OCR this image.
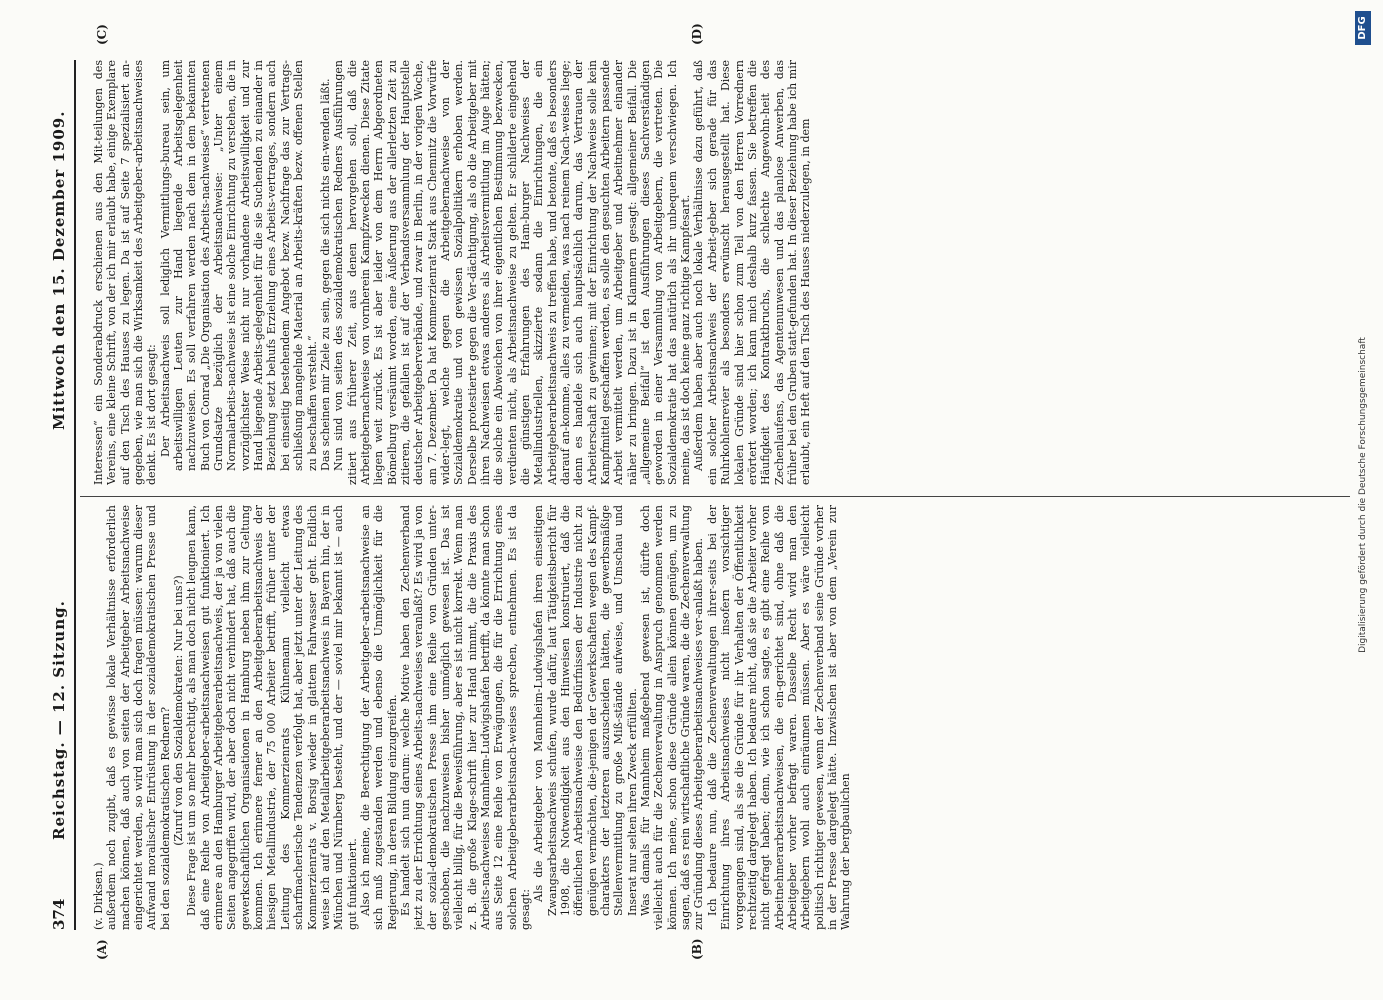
374
Reichstag. — 12. Sitzung.
Mittwoch den 15. Dezember 1909.
(A)	(B)
(C)	(D)

(v. Dirksen.) außerdem noch zugibt, daß es gewisse lokale Verhältnisse erforderlich machen können, daß auch von seiten der Arbeitgeber Arbeitsnachweise eingerichtet werden, so wird man sich doch fragen müssen: warum dieser Aufwand moralischer Entrüstung in der sozialdemokratischen Presse und bei den sozialdemokratischen Rednern? (Zuruf von den Sozialdemokraten: Nur bei uns?) Diese Frage ist um so mehr berechtigt, als man doch nicht leugnen kann, daß eine Reihe von Arbeitgeber-arbeitsnachweisen gut funktioniert. Ich erinnere an den Hamburger Arbeitgeberarbeitsnachweis, der ja von vielen Seiten angegriffen wird, der aber doch nicht verhindert hat, daß auch die gewerkschaftlichen Organisationen in Hamburg neben ihm zur Geltung kommen. Ich erinnere ferner an den Arbeitgeberarbeitsnachweis der hiesigen Metallindustrie, der 75 000 Arbeiter betrifft, früher unter der Leitung des Kommerzienrats Kühnemann vielleicht etwas scharfmacherische Tendenzen verfolgt hat, aber jetzt unter der Leitung des Kommerzienrats v. Borsig wieder in glattem Fahrwasser geht. Endlich weise ich auf den Metallarbeitgeberarbeitsnachweis in Bayern hin, der in München und Nürnberg besteht, und der — soviel mir bekannt ist — auch gut funktioniert. Also ich meine, die Berechtigung der Arbeitgeber-arbeitsnachweise an sich muß zugestanden werden und ebenso die Unmöglichkeit für die Regierung, in deren Bildung einzugreifen. Es handelt sich nun darum: welche Motive haben den Zechenverband jetzt zu der Errichtung seines Arbeits-nachweises veranlaßt? Es wird ja von der sozial-demokratischen Presse ihm eine Reihe von Gründen unter-geschoben, die nachzuweisen bisher unmöglich gewesen ist. Das ist vielleicht billig, für die Beweisführung, aber es ist nicht korrekt. Wenn man z. B. die große Klage-schrift hier zur Hand nimmt, die die Praxis des Arbeits-nachweises Mannheim-Ludwigshafen betrifft, da könnte man schon aus Seite 12 eine Reihe von Erwägungen, die für die Errichtung eines solchen Arbeitgeberarbeitsnach-weises sprechen, entnehmen. Es ist da gesagt:

Als die Arbeitgeber von Mannheim-Ludwigshafen ihren einseitigen Zwangsarbeitsnachweis schufen, wurde dafür, laut Tätigkeitsbericht für 1908, die Notwendigkeit aus den Hinweisen konstruiert, daß die öffentlichen Arbeitsnachweise den Bedürfnissen der Industrie nicht zu genügen vermöchten, die-jenigen der Gewerkschaften wegen des Kampf-charakters der letzteren auszuscheiden hätten, die gewerbsmäßige Stellenvermittlung zu große Miß-stände aufweise, und Umschau und Inserat nur selten ihren Zweck erfüllten. Was damals für Mannheim maßgebend gewesen ist, dürfte doch vielleicht auch für die Zechenverwaltung in Anspruch genommen werden können. Ich meine, schon diese Gründe allein können genügen, um zu sagen, daß es rein wirtschaftliche Gründe waren, die die Zechenverwaltung zur Gründung dieses Arbeitgeberarbeitsnachweises ver-anlaßt haben. Ich bedaure nun, daß die Zechenverwaltungen ihrer-seits bei der Einrichtung ihres Arbeitsnachweises nicht insofern vorsichtiger vorgegangen sind, als sie die Gründe für ihr Verhalten der Öffentlichkeit rechtzeitig dargelegt haben. Ich bedaure nicht, daß sie die Arbeiter vorher nicht gefragt haben; denn, wie ich schon sagte, es gibt eine Reihe von Arbeitnehmerarbeitsnachweisen, die ein-gerichtet sind, ohne daß die Arbeitgeber vorher befragt waren. Dasselbe Recht wird man den Arbeitgebern wohl auch einräumen müssen. Aber es wäre vielleicht politisch richtiger gewesen, wenn der Zechenverband seine Gründe vorher in der Presse dargelegt hätte. Inzwischen ist aber von dem „Verein zur Wahrung der bergbaulichen

Interessen“ ein Sonderabdruck erschienen aus den Mit-teilungen des Vereins, eine kleine Schrift, von der ich mir erlaubt habe, einige Exemplare auf den Tisch des Hauses zu legen. Da ist auf Seite 7 spezialisiert an-gegeben, wie man sich die Wirksamkeit des Arbeitgeber-arbeitsnachweises denkt. Es ist dort gesagt: Der Arbeitsnachweis soll lediglich Vermittlungs-bureau sein, um arbeitswilligen Leuten zur Hand liegende Arbeitsgelegenheit nachzuweisen. Es soll verfahren werden nach dem in dem bekannten Buch von Conrad „Die Organisation des Arbeits-nachweises“ vertretenen Grundsatze bezüglich der Arbeitsnachweise: „Unter einem Normalarbeits-nachweise ist eine solche Einrichtung zu verstehen, die in vorzüglichster Weise nicht nur vorhandene Arbeitswilligkeit und zur Hand liegende Arbeits-gelegenheit für die sie Suchenden zu einander in Beziehung setzt behufs Erzielung eines Arbeits-vertrages, sondern auch bei einseitig bestehendem Angebot bezw. Nachfrage das zur Vertrags-schließung mangelnde Material an Arbeits-kräften bezw. offenen Stellen zu beschaffen versteht.“ Das scheinen mir Ziele zu sein, gegen die sich nichts ein-wenden läßt. Nun sind von seiten des sozialdemokratischen Redners Ausführungen zitiert aus früherer Zeit, aus denen hervorgehen soll, daß die Arbeitgebernachweise von vornherein Kampfzwecken dienen. Diese Zitate liegen weit zurück. Es ist aber leider von dem Herrn Abgeordneten Bömelburg versäumt worden, eine Äußerung aus der allerletzten Zeit zu zitieren, die gefallen ist auf der Verbandsversammlung der Hauptstelle deutscher Arbeitgeberverbände, und zwar in Berlin, in der vorigen Woche, am 7. Dezember. Da hat Kommerzienrat Stark aus Chemnitz die Vorwürfe wider-legt, welche gegen die Arbeitgebernachweise von der Sozialdemokratie und von gewissen Sozialpolitikern erhoben werden. Derselbe protestierte gegen die Ver-dächtigung, als ob die Arbeitgeber mit ihren Nachweisen etwas anderes als Arbeitsvermittlung im Auge hätten; die solche ein Abweichen von ihrer eigentlichen Bestimmung bezwecken, verdienten nicht, als Arbeitsnachweise zu gelten. Er schilderte eingehend die günstigen Erfahrungen des Ham-burger Nachweises der Metallindustriellen, skizzierte sodann die Einrichtungen, die ein Arbeitgeberarbeitsnachweis zu treffen habe, und betonte, daß es besonders darauf an-komme, alles zu vermeiden, was nach reinem Nach-weises liege; denn es handele sich auch hauptsächlich darum, das Vertrauen der Arbeiterschaft zu gewinnen; mit der Einrichtung der Nachweise solle kein Kampfmittel geschaffen werden, es solle den gesuchten Arbeitern passende Arbeit vermittelt werden, um Arbeitgeber und Arbeitnehmer einander näher zu bringen. Dazu ist in Klammern gesagt: allgemeiner Beifall. Die „allgemeine Beifall“ ist den Ausführungen dieses Sachverständigen geworden in einer Versammlung von Arbeitgebern, die vertreten. Die Sozialdemokratie hat das natürlich als ihr unbequem verschwiegen. Ich meine, das ist doch keine ganz richtige Kampfesart. Außerdem haben aber auch noch lokale Verhältnisse dazu geführt, daß ein solcher Arbeitsnachweis der Arbeit-geber sich gerade für das Ruhrkohlenrevier als besonders erwünscht herausgestellt hat. Diese lokalen Gründe sind hier schon zum Teil von den Herren Vorrednern erörtert worden; ich kann mich deshalb kurz fassen. Sie betreffen die Häufigkeit des Kontraktbruchs, die schlechte Angewohn-heit des Zechenlaufens, das Agentenunwesen und das planlose Anwerben, das früher bei den Gruben statt-gefunden hat. In dieser Beziehung habe ich mir erlaubt, ein Heft auf den Tisch des Hauses niederzulegen, in dem

Digitalisierung gefördert durch die Deutsche Forschungsgemeinschaft
DFG
